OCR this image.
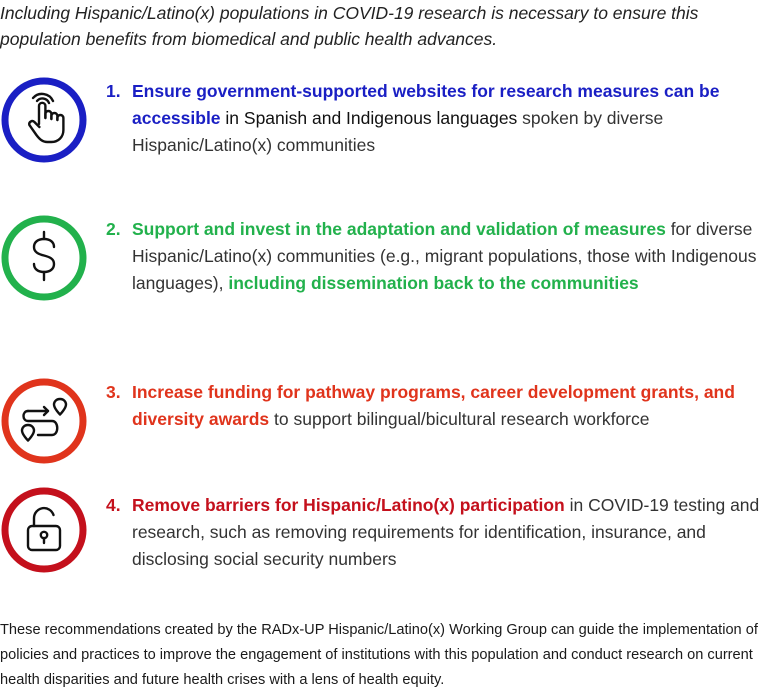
Including Hispanic/Latino(x) populations in COVID-19 research is necessary to ensure this population benefits from biomedical and public health advances.
1. Ensure government-supported websites for research measures can be accessible in Spanish and Indigenous languages spoken by diverse Hispanic/Latino(x) communities
2. Support and invest in the adaptation and validation of measures for diverse Hispanic/Latino(x) communities (e.g., migrant populations, those with Indigenous languages), including dissemination back to the communities
3. Increase funding for pathway programs, career development grants, and diversity awards to support bilingual/bicultural research workforce
4. Remove barriers for Hispanic/Latino(x) participation in COVID-19 testing and research, such as removing requirements for identification, insurance, and disclosing social security numbers
These recommendations created by the RADx-UP Hispanic/Latino(x) Working Group can guide the implementation of policies and practices to improve the engagement of institutions with this population and conduct research on current health disparities and future health crises with a lens of health equity.
